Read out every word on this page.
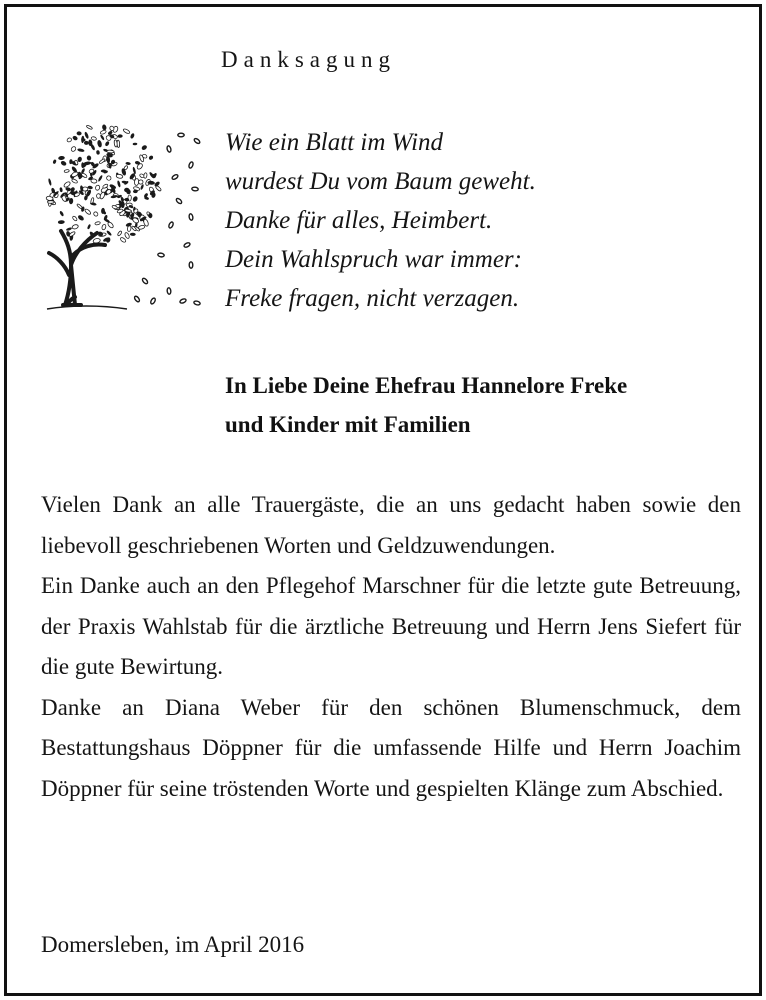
Danksagung
Wie ein Blatt im Wind
wurdest Du vom Baum geweht.
Danke für alles, Heimbert.
Dein Wahlspruch war immer:
Freke fragen, nicht verzagen.
In Liebe Deine Ehefrau Hannelore Freke
und Kinder mit Familien

Vielen Dank an alle Trauergäste, die an uns gedacht haben sowie den liebevoll geschriebenen Worten und Geldzuwendungen.

Ein Danke auch an den Pflegehof Marschner für die letzte gute Betreuung, der Praxis Wahlstab für die ärztliche Betreuung und Herrn Jens Siefert für die gute Bewirtung.

Danke an Diana Weber für den schönen Blumenschmuck, dem Bestattungshaus Döppner für die umfassende Hilfe und Herrn Joachim Döppner für seine tröstenden Worte und gespielten Klänge zum Abschied.

Domersleben, im April 2016
